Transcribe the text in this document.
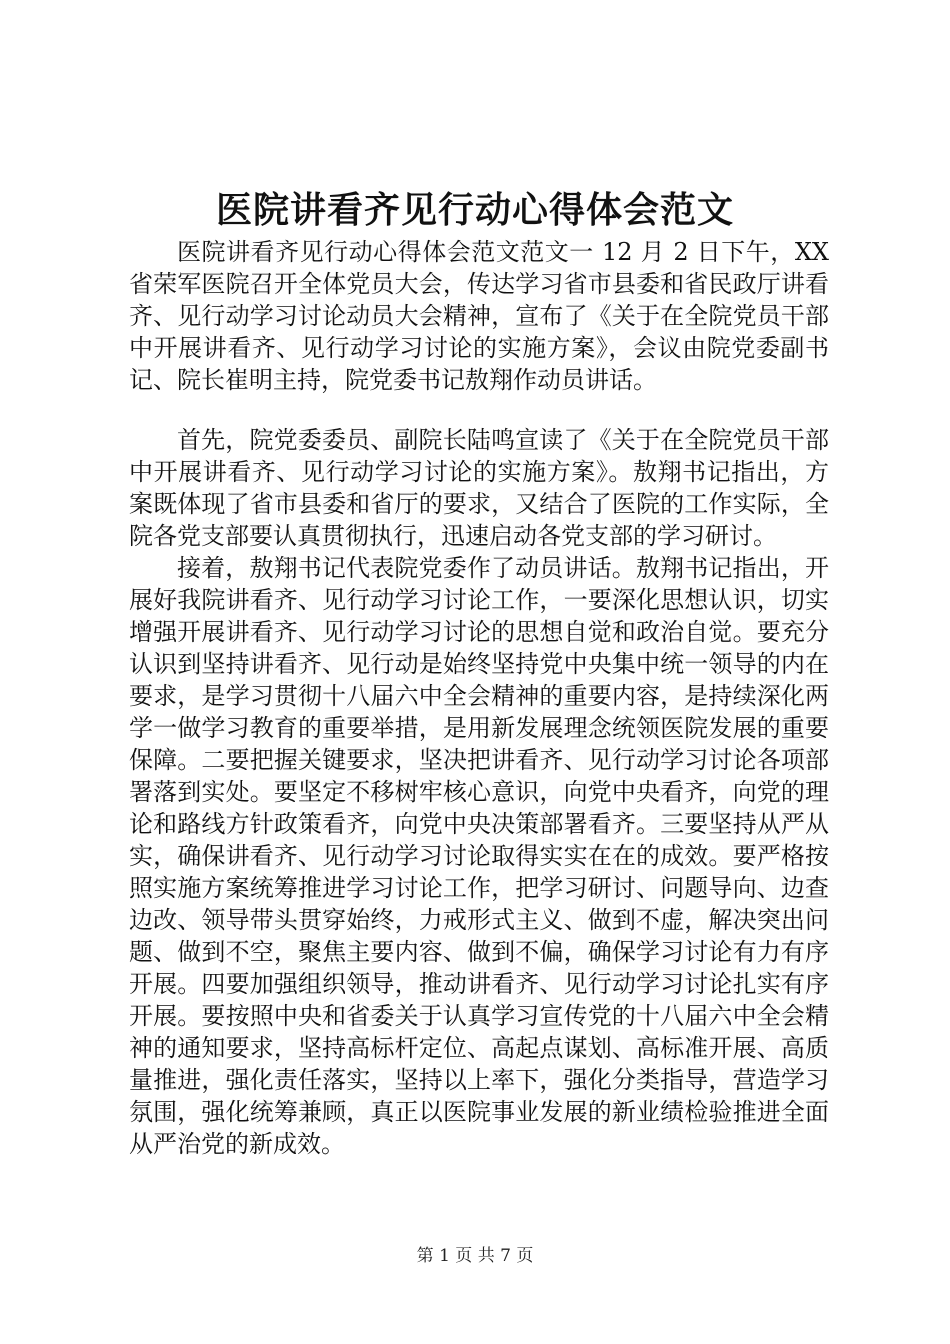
医院讲看齐见行动心得体会范文

医院讲看齐见行动心得体会范文范文一 12 月 2 日下午，XX 省荣军医院召开全体党员大会，传达学习省市县委和省民政厅讲看齐、见行动学习讨论动员大会精神，宣布了《关于在全院党员干部中开展讲看齐、见行动学习讨论的实施方案》，会议由院党委副书记、院长崔明主持，院党委书记敖翔作动员讲话。

首先，院党委委员、副院长陆鸣宣读了《关于在全院党员干部中开展讲看齐、见行动学习讨论的实施方案》。敖翔书记指出，方案既体现了省市县委和省厅的要求，又结合了医院的工作实际，全院各党支部要认真贯彻执行，迅速启动各党支部的学习研讨。

接着，敖翔书记代表院党委作了动员讲话。敖翔书记指出，开展好我院讲看齐、见行动学习讨论工作，一要深化思想认识，切实增强开展讲看齐、见行动学习讨论的思想自觉和政治自觉。要充分认识到坚持讲看齐、见行动是始终坚持党中央集中统一领导的内在要求，是学习贯彻十八届六中全会精神的重要内容，是持续深化两学一做学习教育的重要举措，是用新发展理念统领医院发展的重要保障。二要把握关键要求，坚决把讲看齐、见行动学习讨论各项部署落到实处。要坚定不移树牢核心意识，向党中央看齐，向党的理论和路线方针政策看齐，向党中央决策部署看齐。三要坚持从严从实，确保讲看齐、见行动学习讨论取得实实在在的成效。要严格按照实施方案统筹推进学习讨论工作，把学习研讨、问题导向、边查边改、领导带头贯穿始终，力戒形式主义、做到不虚，解决突出问题、做到不空，聚焦主要内容、做到不偏，确保学习讨论有力有序开展。四要加强组织领导，推动讲看齐、见行动学习讨论扎实有序开展。要按照中央和省委关于认真学习宣传党的十八届六中全会精神的通知要求，坚持高标杆定位、高起点谋划、高标准开展、高质量推进，强化责任落实，坚持以上率下，强化分类指导，营造学习氛围，强化统筹兼顾，真正以医院事业发展的新业绩检验推进全面从严治党的新成效。

第 1 页 共 7 页
